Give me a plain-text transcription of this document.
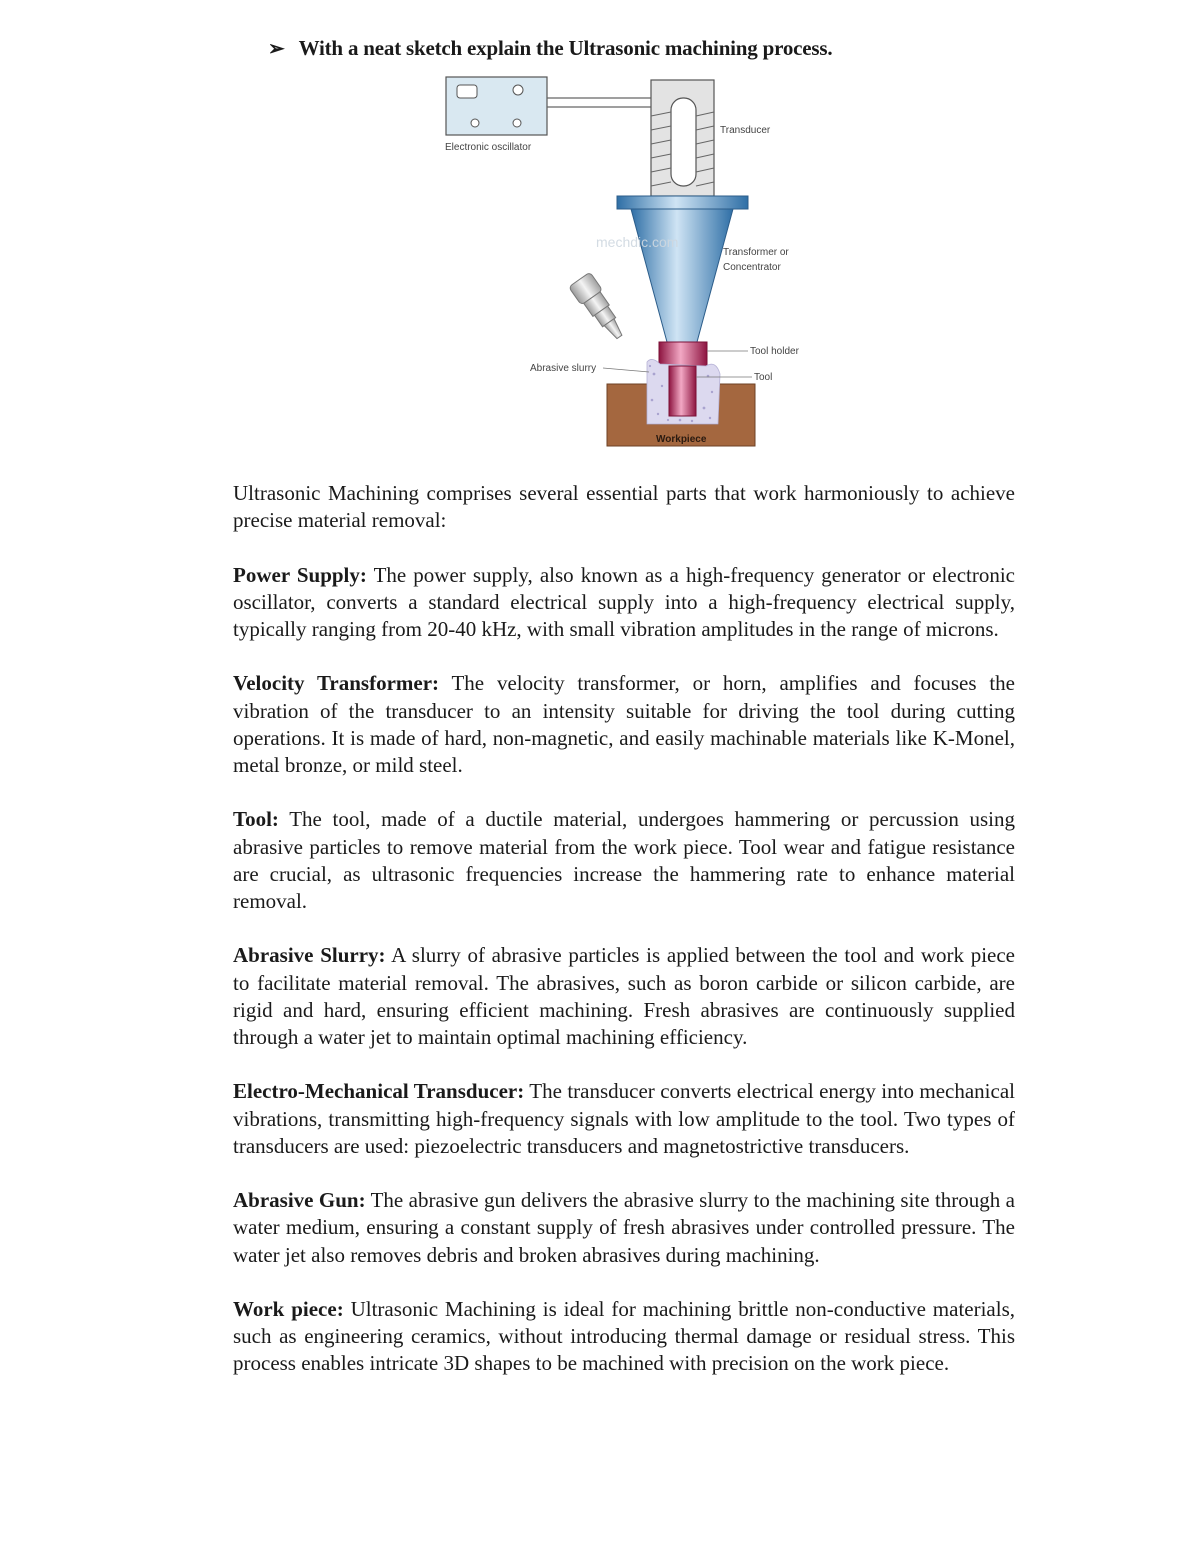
➢ With a neat sketch explain the Ultrasonic machining process.
Electronic oscillator
Transducer
mechdic.com
Transformer or
Concentrator
Tool holder
Workpiece
Abrasive slurry
Tool

Ultrasonic Machining comprises several essential parts that work harmoniously to achieve precise material removal:

Power Supply: The power supply, also known as a high-frequency generator or electronic oscillator, converts a standard electrical supply into a high-frequency electrical supply, typically ranging from 20-40 kHz, with small vibration amplitudes in the range of microns.

Velocity Transformer: The velocity transformer, or horn, amplifies and focuses the vibration of the transducer to an intensity suitable for driving the tool during cutting operations. It is made of hard, non-magnetic, and easily machinable materials like K-Monel, metal bronze, or mild steel.

Tool: The tool, made of a ductile material, undergoes hammering or percussion using abrasive particles to remove material from the work piece. Tool wear and fatigue resistance are crucial, as ultrasonic frequencies increase the hammering rate to enhance material removal.

Abrasive Slurry: A slurry of abrasive particles is applied between the tool and work piece to facilitate material removal. The abrasives, such as boron carbide or silicon carbide, are rigid and hard, ensuring efficient machining. Fresh abrasives are continuously supplied through a water jet to maintain optimal machining efficiency.

Electro-Mechanical Transducer: The transducer converts electrical energy into mechanical vibrations, transmitting high-frequency signals with low amplitude to the tool. Two types of transducers are used: piezoelectric transducers and magnetostrictive transducers.

Abrasive Gun: The abrasive gun delivers the abrasive slurry to the machining site through a water medium, ensuring a constant supply of fresh abrasives under controlled pressure. The water jet also removes debris and broken abrasives during machining.

Work piece: Ultrasonic Machining is ideal for machining brittle non-conductive materials, such as engineering ceramics, without introducing thermal damage or residual stress. This process enables intricate 3D shapes to be machined with precision on the work piece.
